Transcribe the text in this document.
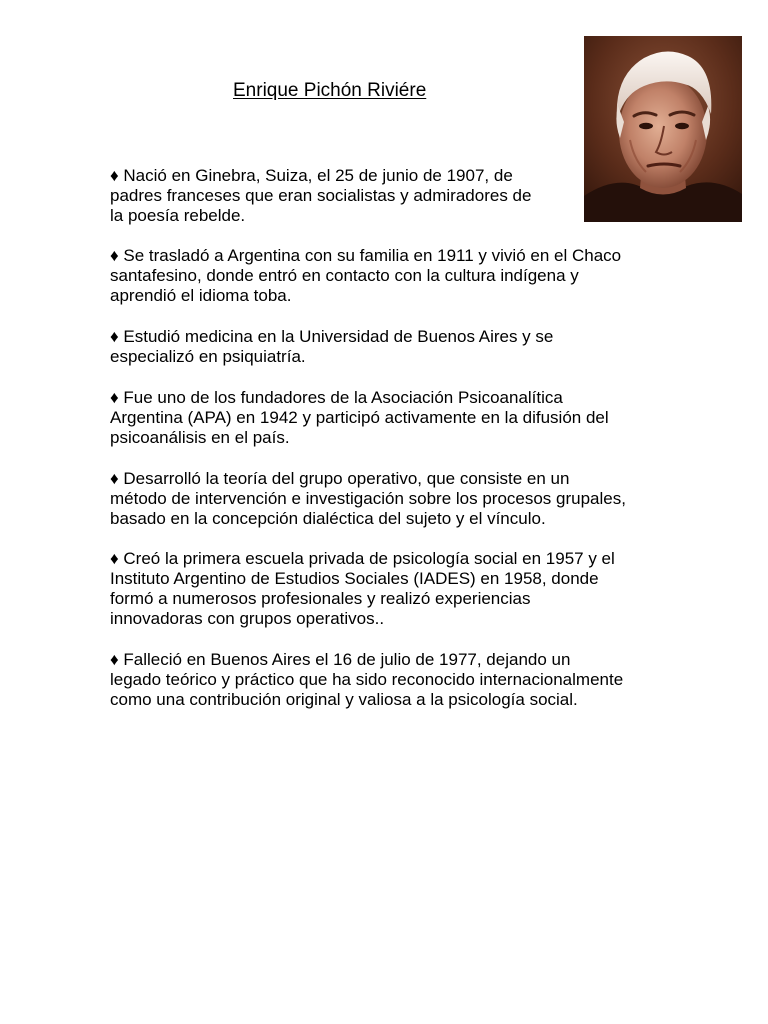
Enrique Pichón Riviére
♦ Nació en Ginebra, Suiza, el 25 de junio de 1907, de
padres franceses que eran socialistas y admiradores de
la poesía rebelde.
♦ Se trasladó a Argentina con su familia en 1911 y vivió en el Chaco
santafesino, donde entró en contacto con la cultura indígena y
aprendió el idioma toba.
♦ Estudió medicina en la Universidad de Buenos Aires y se
especializó en psiquiatría.
♦ Fue uno de los fundadores de la Asociación Psicoanalítica
Argentina (APA) en 1942 y participó activamente en la difusión del
psicoanálisis en el país.
♦ Desarrolló la teoría del grupo operativo, que consiste en un
método de intervención e investigación sobre los procesos grupales,
basado en la concepción dialéctica del sujeto y el vínculo.
♦ Creó la primera escuela privada de psicología social en 1957 y el
Instituto Argentino de Estudios Sociales (IADES) en 1958, donde
formó a numerosos profesionales y realizó experiencias
innovadoras con grupos operativos..
♦ Falleció en Buenos Aires el 16 de julio de 1977, dejando un
legado teórico y práctico que ha sido reconocido internacionalmente
como una contribución original y valiosa a la psicología social.
